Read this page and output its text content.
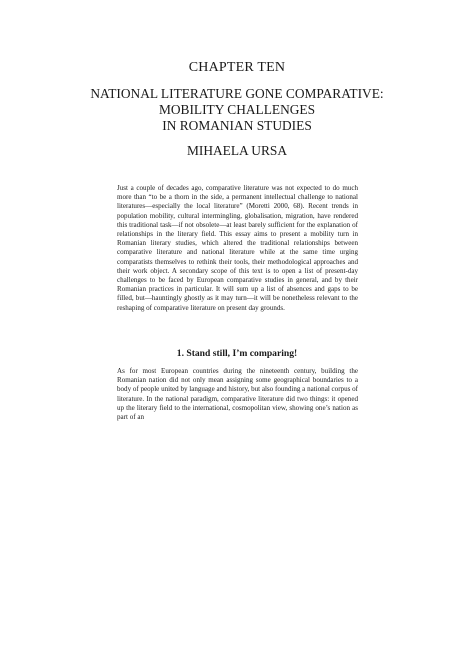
CHAPTER TEN
NATIONAL LITERATURE GONE COMPARATIVE:
MOBILITY CHALLENGES
IN ROMANIAN STUDIES
MIHAELA URSA

Just a couple of decades ago, comparative literature was not expected to do much more than “to be a thorn in the side, a permanent intellectual challenge to national literatures—especially the local literature” (Moretti 2000, 68). Recent trends in population mobility, cultural intermingling, globalisation, migration, have rendered this traditional task—if not obsolete—at least barely sufficient for the explanation of relationships in the literary field. This essay aims to present a mobility turn in Romanian literary studies, which altered the traditional relationships between comparative literature and national literature while at the same time urging comparatists themselves to rethink their tools, their methodological approaches and their work object. A secondary scope of this text is to open a list of present-day challenges to be faced by European comparative studies in general, and by their Romanian practices in particular. It will sum up a list of absences and gaps to be filled, but—hauntingly ghostly as it may turn—it will be nonetheless relevant to the reshaping of comparative literature on present day grounds.

1. Stand still, I’m comparing!

As for most European countries during the nineteenth century, building the Romanian nation did not only mean assigning some geographical boundaries to a body of people united by language and history, but also founding a national corpus of literature. In the national paradigm, comparative literature did two things: it opened up the literary field to the international, cosmopolitan view, showing one’s nation as part of an
